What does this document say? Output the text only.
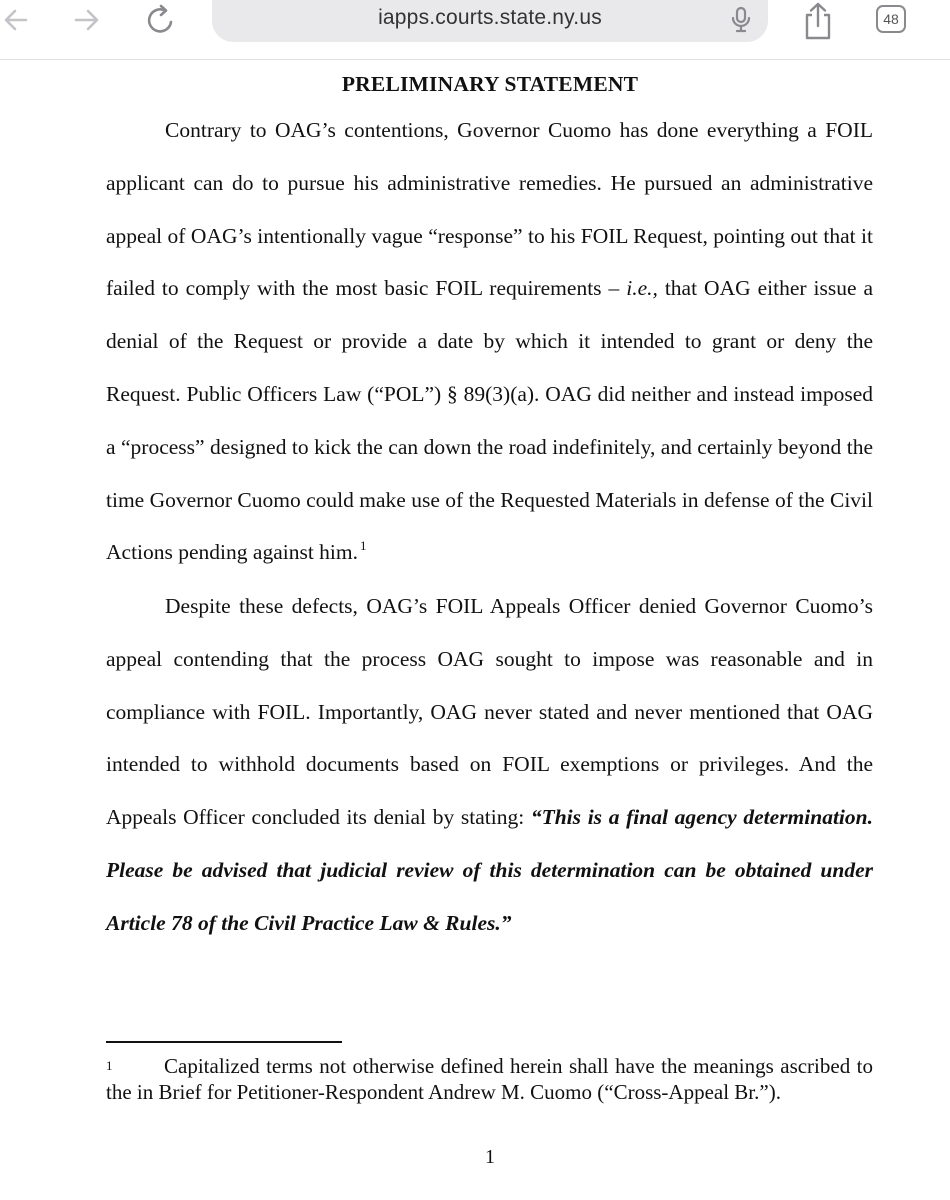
iapps.courts.state.ny.us	48
PRELIMINARY STATEMENT

Contrary to OAG’s contentions, Governor Cuomo has done everything a FOIL applicant can do to pursue his administrative remedies. He pursued an administrative appeal of OAG’s intentionally vague “response” to his FOIL Request, pointing out that it failed to comply with the most basic FOIL requirements – i.e., that OAG either issue a denial of the Request or provide a date by which it intended to grant or deny the Request. Public Officers Law (“POL”) § 89(3)(a). OAG did neither and instead imposed a “process” designed to kick the can down the road indefinitely, and certainly beyond the time Governor Cuomo could make use of the Requested Materials in defense of the Civil Actions pending against him. $^1$

Despite these defects, OAG’s FOIL Appeals Officer denied Governor Cuomo’s appeal contending that the process OAG sought to impose was reasonable and in compliance with FOIL. Importantly, OAG never stated and never mentioned that OAG intended to withhold documents based on FOIL exemptions or privileges. And the Appeals Officer concluded its denial by stating: “This is a final agency determination. Please be advised that judicial review of this determination can be obtained under Article 78 of the Civil Practice Law & Rules.”

1 Capitalized terms not otherwise defined herein shall have the meanings ascribed to the in Brief for Petitioner-Respondent Andrew M. Cuomo (“Cross-Appeal Br.”).

1
